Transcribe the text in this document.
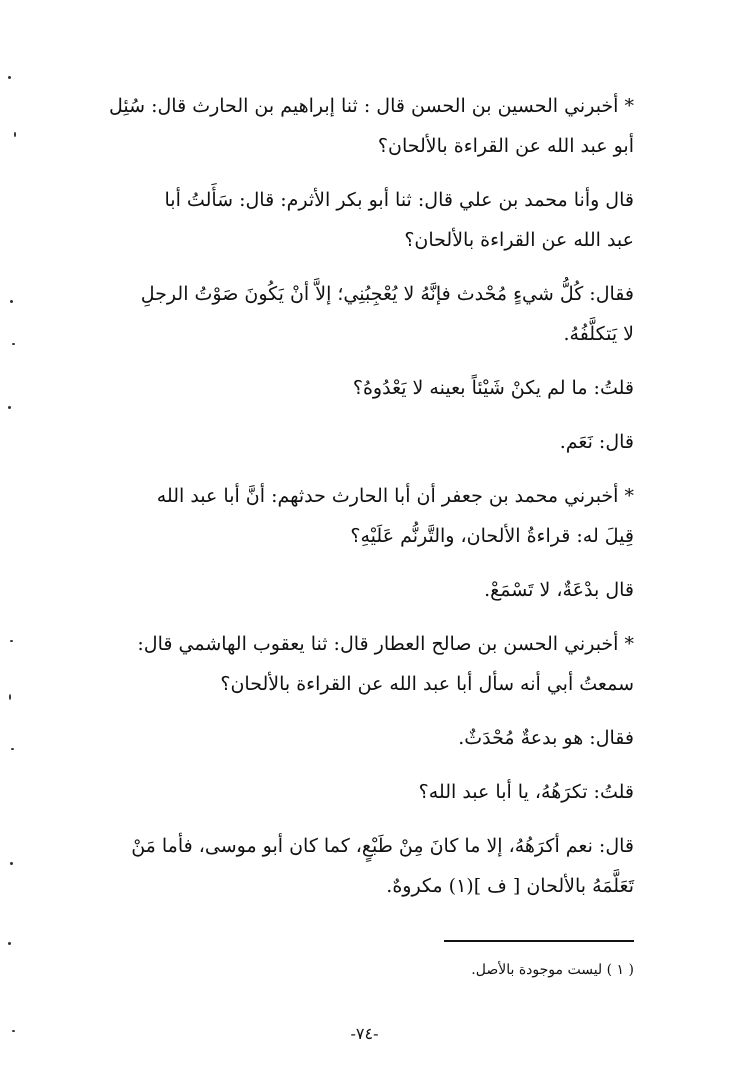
* أخبرني الحسين بن الحسن قال : ثنا إبراهيم بن الحارث قال: سُئِل
أبو عبد الله عن القراءة بالألحان؟

قال وأنا محمد بن علي قال: ثنا أبو بكر الأثرم: قال: سَأَلتُ أبا
عبد الله عن القراءة بالألحان؟

فقال: كُلُّ شيءٍ مُحْدث فإنَّهُ لا يُعْجِبُنِي؛ إلاَّ أنْ يَكُونَ صَوْتُ الرجلِ
لا يَتكلَّفُهُ.

قلتُ: ما لم يكنْ شَيْئاً بعينه لا يَعْدُوهُ؟

قال: نَعَم.

* أخبرني محمد بن جعفر أن أبا الحارث حدثهم: أنَّ أبا عبد الله
قِيلَ له: قراءةُ الألحان، والتَّرنُّم عَلَيْهِ؟

قال بدْعَةٌ، لا تَسْمَعْ.

* أخبرني الحسن بن صالح العطار قال: ثنا يعقوب الهاشمي قال:
سمعتُ أبي أنه سأل أبا عبد الله عن القراءة بالألحان؟

فقال: هو بدعةٌ مُحْدَثٌ.

قلتُ: تكرَهُهُ، يا أبا عبد الله؟

قال: نعم أكرَهُهُ، إلا ما كانَ مِنْ طَبْعٍ، كما كان أبو موسى، فأما مَنْ
تَعَلَّمَهُ بالألحان [ ف ](١) مكروهٌ.

( ١ ) ليست موجودة بالأصل.
-٧٤-
